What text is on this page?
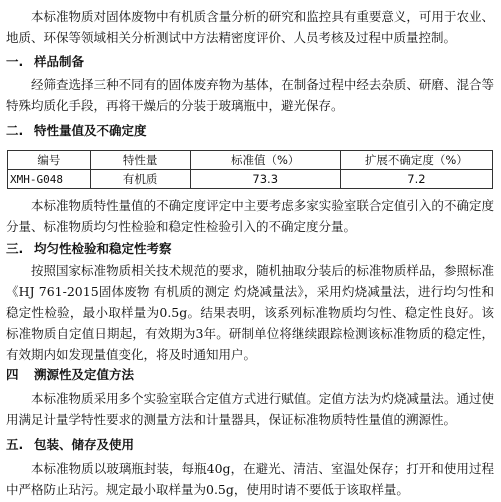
本标准物质对固体废物中有机质含量分析的研究和监控具有重要意义，可用于农业、地质、环保等领域相关分析测试中方法精密度评价、人员考核及过程中质量控制。

一. 样品制备

经筛查选择三种不同有的固体废弃物为基体，在制备过程中经去杂质、研磨、混合等特殊均质化手段，再将干燥后的分装于玻璃瓶中，避光保存。

二. 特性量值及不确定度
编号	特性量	标准值（%）	扩展不确定度（%）
XMH-G048	有机质	73.3	7.2

本标准物质特性量值的不确定度评定中主要考虑多家实验室联合定值引入的不确定度分量、标准物质均匀性检验和稳定性检验引入的不确定度分量。

三. 均匀性检验和稳定性考察

按照国家标准物质相关技术规范的要求，随机抽取分装后的标准物质样品，参照标准《HJ 761-2015固体废物 有机质的测定 灼烧减量法》，采用灼烧减量法，进行均匀性和稳定性检验，最小取样量为0.5g。结果表明，该系列标准物质均匀性、稳定性良好。该标准物质自定值日期起，有效期为3年。研制单位将继续跟踪检测该标准物质的稳定性，有效期内如发现量值变化，将及时通知用户。

四 溯源性及定值方法

本标准物质采用多个实验室联合定值方式进行赋值。定值方法为灼烧减量法。通过使用满足计量学特性要求的测量方法和计量器具，保证标准物质特性量值的溯源性。

五. 包装、储存及使用

本标准物质以玻璃瓶封装，每瓶40g，在避光、清洁、室温处保存；打开和使用过程中严格防止玷污。规定最小取样量为0.5g，使用时请不要低于该取样量。
